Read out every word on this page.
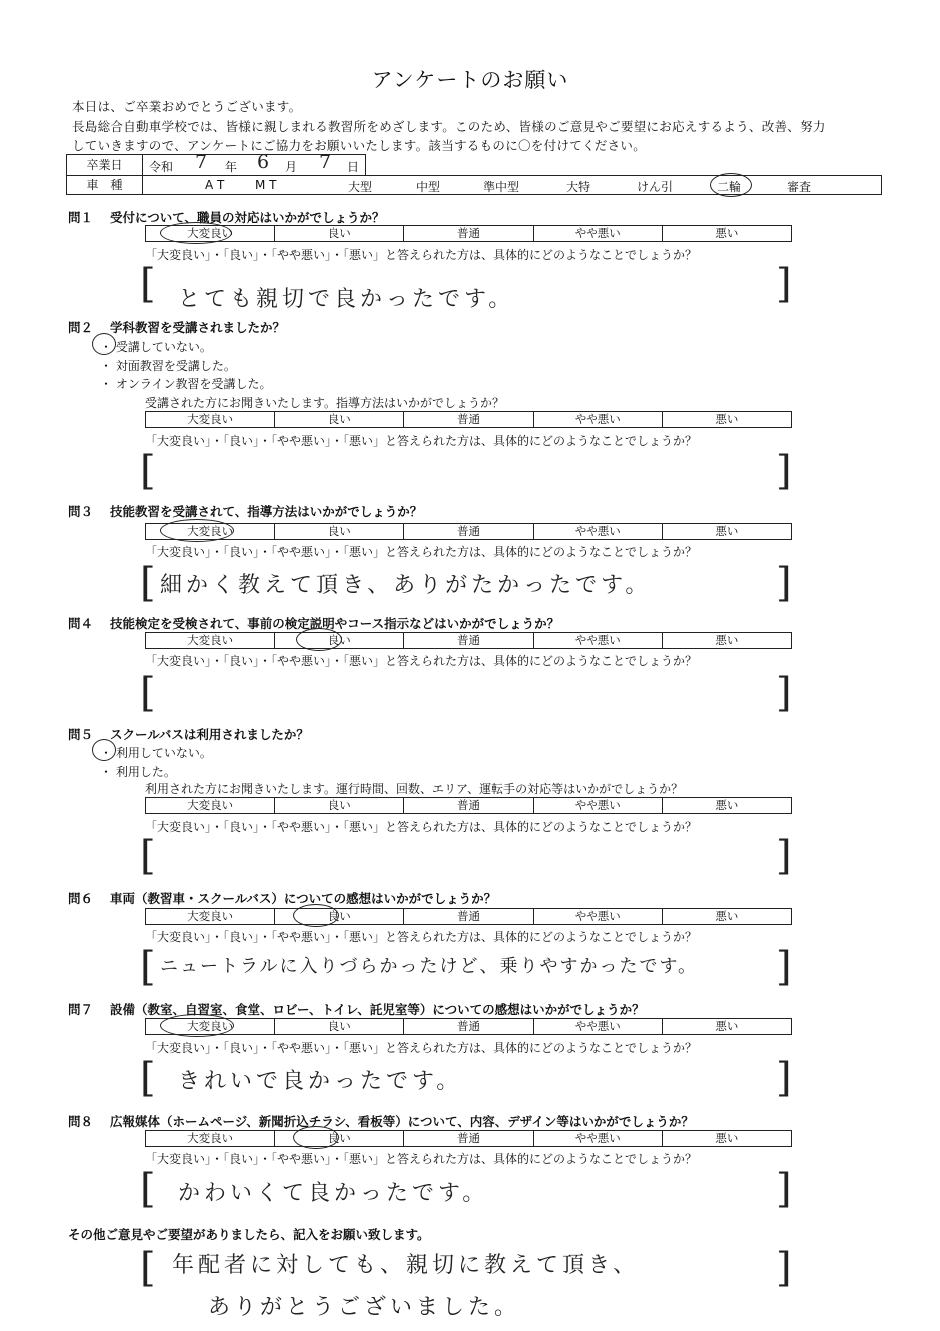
アンケートのお願い
本日は、ご卒業おめでとうございます。
長島総合自動車学校では、皆様に親しまれる教習所をめざします。このため、皆様のご意見やご要望にお応えするよう、改善、努力
していきますので、アンケートにご協力をお願いいたします。該当するものに〇を付けてください。
卒業日	令和 7 年 6 月 7 日
車　種	A T	M T	大型	中型	準中型	大特	けん引	二輪	審査
問１ 受付について、職員の対応はいかがでしょうか？
大変良い	良い	普通	やや悪い	悪い
「大変良い」・「良い」・「やや悪い」・「悪い」と答えられた方は、具体的にどのようなことでしょうか？
[	]
とても親切で良かったです。
問２ 学科教習を受講されましたか？
・ 受講していない。
・ 対面教習を受講した。
・ オンライン教習を受講した。
受講された方にお聞きいたします。指導方法はいかがでしょうか？
大変良い	良い	普通	やや悪い	悪い
「大変良い」・「良い」・「やや悪い」・「悪い」と答えられた方は、具体的にどのようなことでしょうか？
[	]
問３ 技能教習を受講されて、指導方法はいかがでしょうか？
大変良い	良い	普通	やや悪い	悪い
「大変良い」・「良い」・「やや悪い」・「悪い」と答えられた方は、具体的にどのようなことでしょうか？
[	]
細かく教えて頂き、ありがたかったです。
問４ 技能検定を受検されて、事前の検定説明やコース指示などはいかがでしょうか？
大変良い	良い	普通	やや悪い	悪い
「大変良い」・「良い」・「やや悪い」・「悪い」と答えられた方は、具体的にどのようなことでしょうか？
[	]
問５ スクールバスは利用されましたか？
・ 利用していない。
・ 利用した。
利用された方にお聞きいたします。運行時間、回数、エリア、運転手の対応等はいかがでしょうか？
大変良い	良い	普通	やや悪い	悪い
「大変良い」・「良い」・「やや悪い」・「悪い」と答えられた方は、具体的にどのようなことでしょうか？
[	]
問６ 車両（教習車・スクールバス）についての感想はいかがでしょうか？
大変良い	良い	普通	やや悪い	悪い
「大変良い」・「良い」・「やや悪い」・「悪い」と答えられた方は、具体的にどのようなことでしょうか？
[	]
ニュートラルに入りづらかったけど、乗りやすかったです。
問７ 設備（教室、自習室、食堂、ロビー、トイレ、託児室等）についての感想はいかがでしょうか？
大変良い	良い	普通	やや悪い	悪い
「大変良い」・「良い」・「やや悪い」・「悪い」と答えられた方は、具体的にどのようなことでしょうか？
[	]
きれいで良かったです。
問８ 広報媒体（ホームページ、新聞折込チラシ、看板等）について、内容、デザイン等はいかがでしょうか？
大変良い	良い	普通	やや悪い	悪い
「大変良い」・「良い」・「やや悪い」・「悪い」と答えられた方は、具体的にどのようなことでしょうか？
[	]
かわいくて良かったです。
その他ご意見やご要望がありましたら、記入をお願い致します。
[	]
年配者に対しても、親切に教えて頂き、
ありがとうございました。
